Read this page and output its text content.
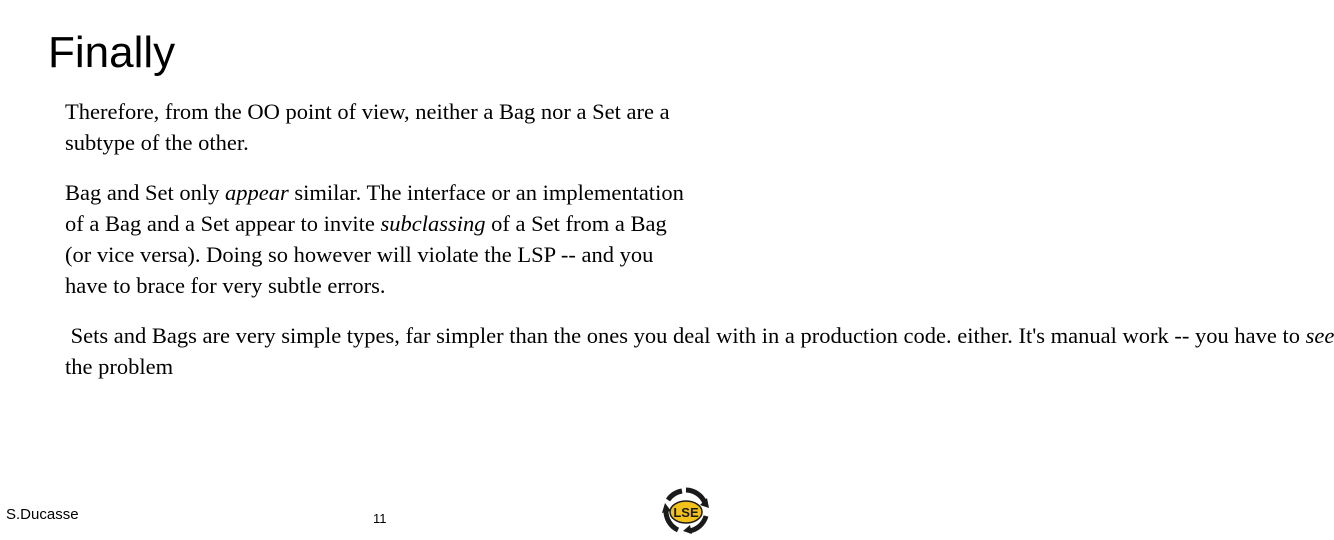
Finally

Therefore, from the OO point of view, neither a Bag nor a Set are a subtype of the other.

Bag and Set only appear similar. The interface or an implementation of a Bag and a Set appear to invite subclassing of a Set from a Bag (or vice versa). Doing so however will violate the LSP -- and you have to brace for very subtle errors.

Sets and Bags are very simple types, far simpler than the ones you deal with in a production code. either. It's manual work -- you have to see the problem

S.Ducasse	11	LSE
